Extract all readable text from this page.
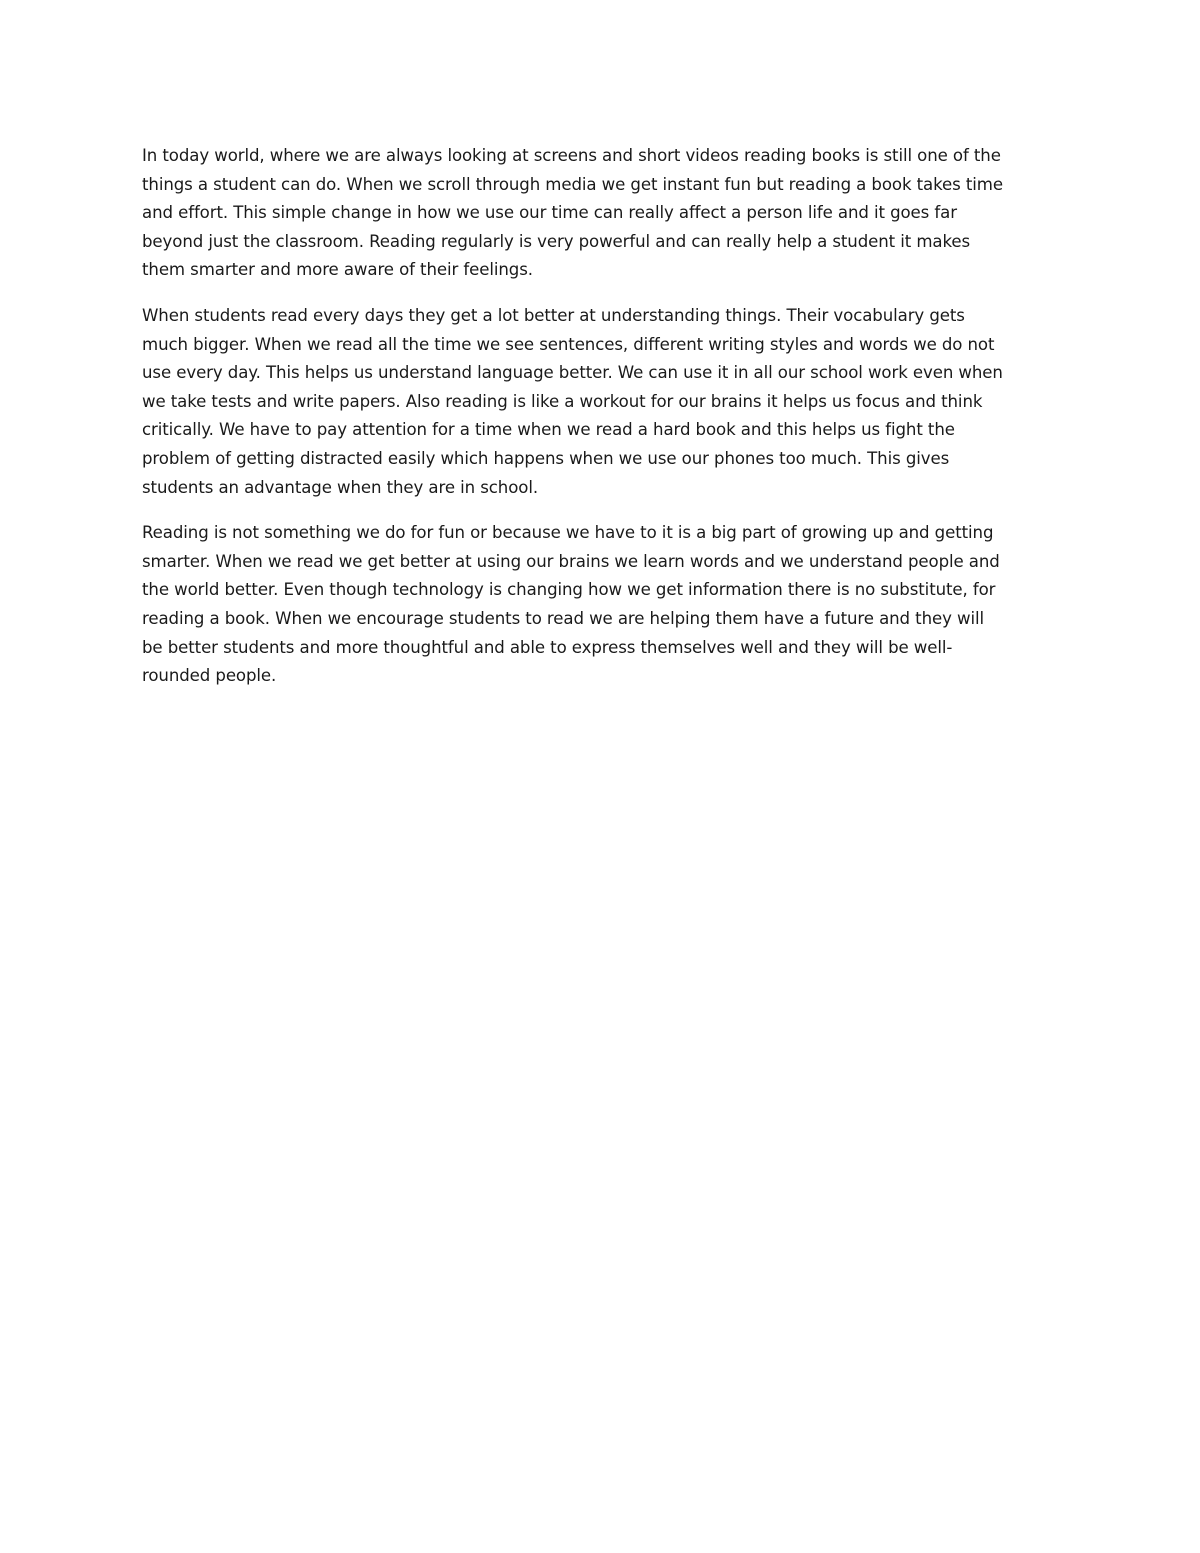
In today world, where we are always looking at screens and short videos reading books is still one of the
things a student can do. When we scroll through media we get instant fun but reading a book takes time
and effort. This simple change in how we use our time can really affect a person life and it goes far
beyond just the classroom. Reading regularly is very powerful and can really help a student it makes
them smarter and more aware of their feelings.

When students read every days they get a lot better at understanding things. Their vocabulary gets
much bigger. When we read all the time we see sentences, different writing styles and words we do not
use every day. This helps us understand language better. We can use it in all our school work even when
we take tests and write papers. Also reading is like a workout for our brains it helps us focus and think
critically. We have to pay attention for a time when we read a hard book and this helps us fight the
problem of getting distracted easily which happens when we use our phones too much. This gives
students an advantage when they are in school.

Reading is not something we do for fun or because we have to it is a big part of growing up and getting
smarter. When we read we get better at using our brains we learn words and we understand people and
the world better. Even though technology is changing how we get information there is no substitute, for
reading a book. When we encourage students to read we are helping them have a future and they will
be better students and more thoughtful and able to express themselves well and they will be well-
rounded people.
